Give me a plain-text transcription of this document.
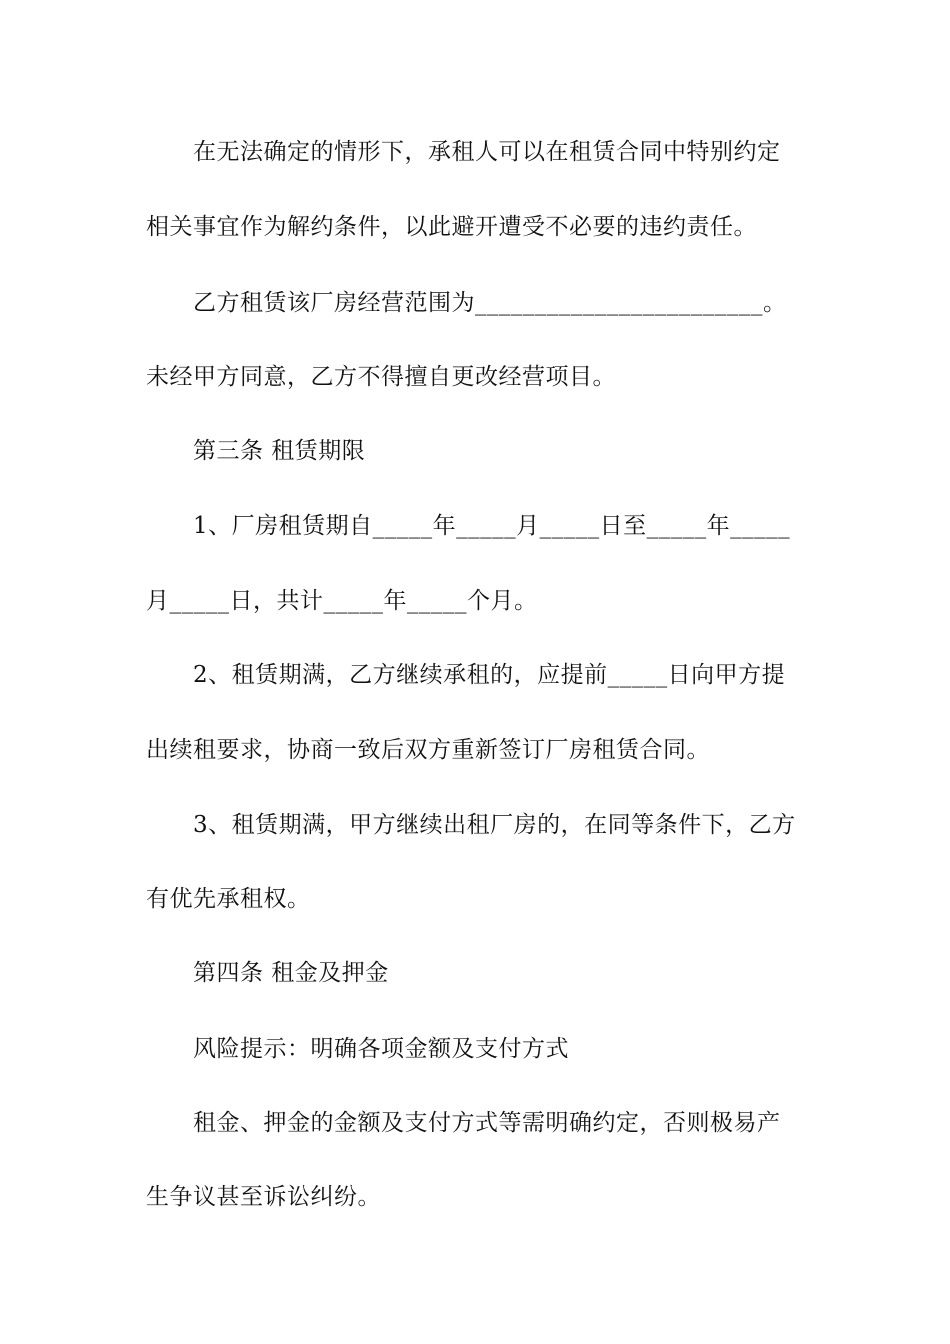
在无法确定的情形下，承租人可以在租赁合同中特别约定
相关事宜作为解约条件，以此避开遭受不必要的违约责任。
乙方租赁该厂房经营范围为________________________。
未经甲方同意，乙方不得擅自更改经营项目。
第三条 租赁期限
1、厂房租赁期自_____年_____月_____日至_____年_____
月_____日，共计_____年_____个月。
2、租赁期满，乙方继续承租的，应提前_____日向甲方提
出续租要求，协商一致后双方重新签订厂房租赁合同。
3、租赁期满，甲方继续出租厂房的，在同等条件下，乙方
有优先承租权。
第四条 租金及押金
风险提示：明确各项金额及支付方式
租金、押金的金额及支付方式等需明确约定，否则极易产
生争议甚至诉讼纠纷。
